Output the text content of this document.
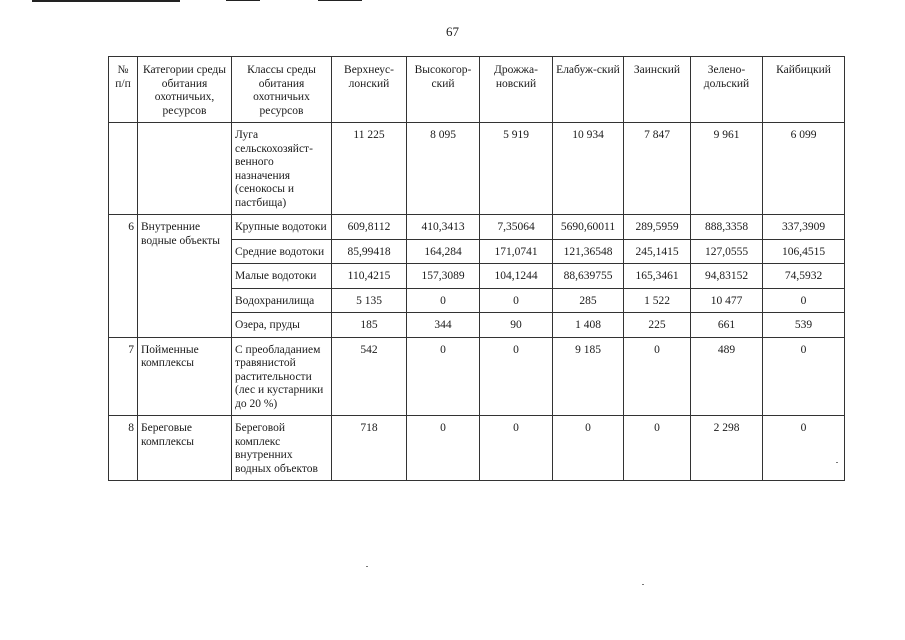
67
№ п/п	Категории среды обитания охотничьих, ресурсов	Классы среды обитания охотничьих ресурсов	Верхнеус-лонский	Высокогор-ский	Дрожжа-новский	Елабуж-ский	Заинский	Зелено-дольский	Кайбицкий
		Луга сельскохозяйст-венного назначения (сенокосы и пастбища)	11 225	8 095	5 919	10 934	7 847	9 961	6 099
6	Внутренние водные объекты	Крупные водотоки	609,8112	410,3413	7,35064	5690,60011	289,5959	888,3358	337,3909
		Средние водотоки	85,99418	164,284	171,0741	121,36548	245,1415	127,0555	106,4515
		Малые водотоки	110,4215	157,3089	104,1244	88,639755	165,3461	94,83152	74,5932
		Водохранилища	5 135	0	0	285	1 522	10 477	0
		Озера, пруды	185	344	90	1 408	225	661	539
7	Пойменные комплексы	С преобладанием травянистой растительности (лес и кустарники до 20 %)	542	0	0	9 185	0	489	0
8	Береговые комплексы	Береговой комплекс внутренних водных объектов	718	0	0	0	0	2 298	0
